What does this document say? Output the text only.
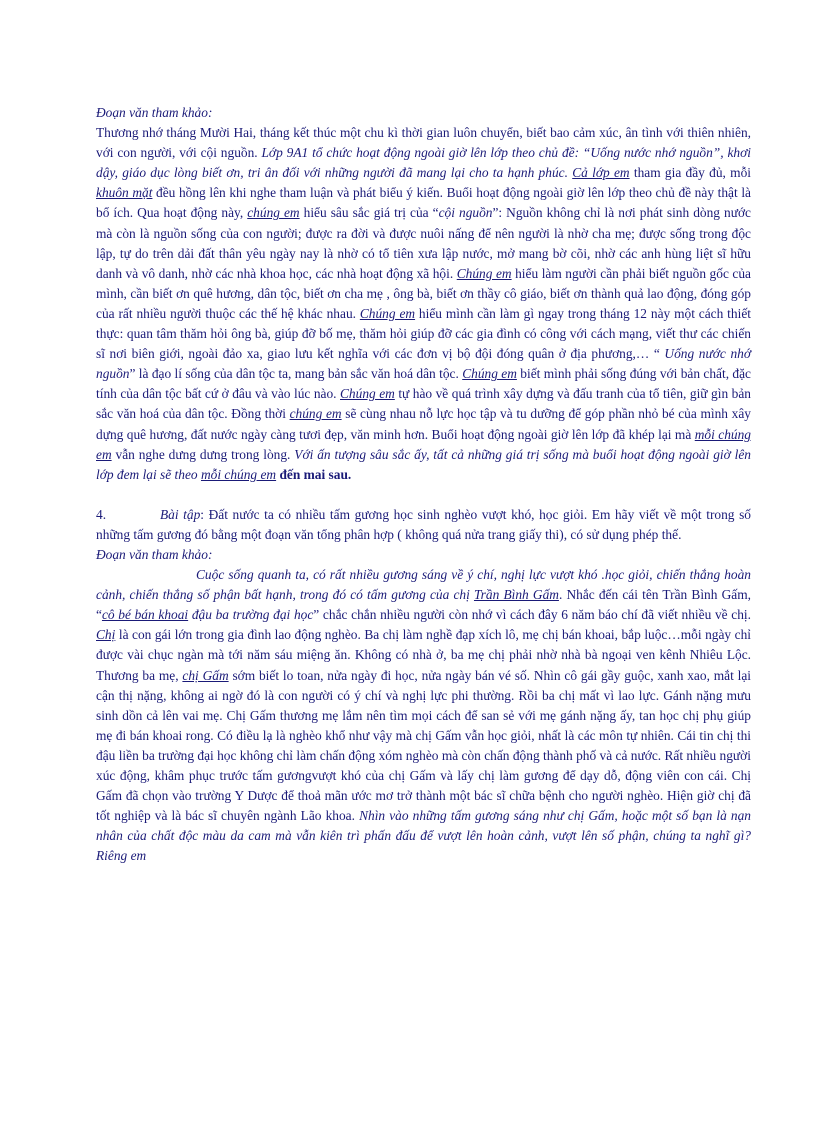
Đoạn văn tham khảo:

Thương nhớ tháng Mười Hai, tháng kết thúc một chu kì thời gian luôn chuyển, biết bao cảm xúc, ân tình với thiên nhiên, với con người, với cội nguồn. Lớp 9A1 tổ chức hoạt động ngoài giờ lên lớp theo chủ đề: “Uống nước nhớ nguồn”, khơi dậy, giáo dục lòng biết ơn, tri ân đối với những người đã mang lại cho ta hạnh phúc. Cả lớp em tham gia đầy đủ, mỗi khuôn mặt đều hồng lên khi nghe tham luận và phát biểu ý kiến. Buổi hoạt động ngoài giờ lên lớp theo chủ đề này thật là bổ ích. Qua hoạt động này, chúng em hiểu sâu sắc giá trị của “cội nguồn”: Nguồn không chỉ là nơi phát sinh dòng nước mà còn là nguồn sống của con người; được ra đời và được nuôi nấng để nên người là nhờ cha mẹ; được sống trong độc lập, tự do trên dải đất thân yêu ngày nay là nhờ có tổ tiên xưa lập nước, mở mang bờ cõi, nhờ các anh hùng liệt sĩ hữu danh và vô danh, nhờ các nhà khoa học, các nhà hoạt động xã hội. Chúng em hiểu làm người cần phải biết nguồn gốc của mình, cần biết ơn quê hương, dân tộc, biết ơn cha mẹ , ông bà, biết ơn thầy cô giáo, biết ơn thành quả lao động, đóng góp của rất nhiều người thuộc các thế hệ khác nhau. Chúng em hiểu mình cần làm gì ngay trong tháng 12 này một cách thiết thực: quan tâm thăm hỏi ông bà, giúp đỡ bố mẹ, thăm hỏi giúp đỡ các gia đình có công với cách mạng, viết thư các chiến sĩ nơi biên giới, ngoài đảo xa, giao lưu kết nghĩa với các đơn vị bộ đội đóng quân ở địa phương,… “ Uống nước nhớ nguồn” là đạo lí sống của dân tộc ta, mang bản sắc văn hoá dân tộc. Chúng em biết mình phải sống đúng với bản chất, đặc tính của dân tộc bất cứ ở đâu và vào lúc nào. Chúng em tự hào về quá trình xây dựng và đấu tranh của tổ tiên, giữ gìn bản sắc văn hoá của dân tộc. Đồng thời chúng em sẽ cùng nhau nỗ lực học tập và tu dưỡng để góp phần nhỏ bé của mình xây dựng quê hương, đất nước ngày càng tươi đẹp, văn minh hơn. Buổi hoạt động ngoài giờ lên lớp đã khép lại mà mỗi chúng em vẫn nghe dưng dưng trong lòng. Với ấn tượng sâu sắc ấy, tất cả những giá trị sống mà buổi hoạt động ngoài giờ lên lớp đem lại sẽ theo mỗi chúng em đến mai sau.

4.	Bài tập: Đất nước ta có nhiều tấm gương học sinh nghèo vượt khó, học giỏi. Em hãy viết về một trong số những tấm gương đó bằng một đoạn văn tổng phân hợp ( không quá nửa trang giấy thi), có sử dụng phép thế.

Đoạn văn tham khảo:

Cuộc sống quanh ta, có rất nhiều gương sáng về ý chí, nghị lực vượt khó .học giỏi, chiến thắng hoàn cảnh, chiến thắng số phận bất hạnh, trong đó có tấm gương của chị Trần Bình Gấm. Nhắc đến cái tên Trần Bình Gấm, “cô bé bán khoai đậu ba trường đại học” chắc chắn nhiều người còn nhớ vì cách đây 6 năm báo chí đã viết nhiều về chị. Chị là con gái lớn trong gia đình lao động nghèo. Ba chị làm nghề đạp xích lô, mẹ chị bán khoai, bắp luộc…mỗi ngày chỉ được vài chục ngàn mà tới năm sáu miệng ăn. Không có nhà ở, ba mẹ chị phải nhờ nhà bà ngoại ven kênh Nhiêu Lộc. Thương ba mẹ, chị Gấm sớm biết lo toan, nửa ngày đi học, nửa ngày bán vé số. Nhìn cô gái gầy guộc, xanh xao, mắt lại cận thị nặng, không ai ngờ đó là con người có ý chí và nghị lực phi thường. Rồi ba chị mất vì lao lực. Gánh nặng mưu sinh dồn cả lên vai mẹ. Chị Gấm thương mẹ lắm nên tìm mọi cách để san sẻ với mẹ gánh nặng ấy, tan học chị phụ giúp mẹ đi bán khoai rong. Có điều lạ là nghèo khổ như vậy mà chị Gấm vẫn học giỏi, nhất là các môn tự nhiên. Cái tin chị thi đậu liền ba trường đại học không chỉ làm chấn động xóm nghèo mà còn chấn động thành phố và cả nước. Rất nhiều người xúc động, khâm phục trước tấm gươngvượt khó của chị Gấm và lấy chị làm gương để dạy dỗ, động viên con cái. Chị Gấm đã chọn vào trường Y Dược để thoả mãn ước mơ trở thành một bác sĩ chữa bệnh cho người nghèo. Hiện giờ chị đã tốt nghiệp và là bác sĩ chuyên ngành Lão khoa. Nhìn vào những tấm gương sáng như chị Gấm, hoặc một số bạn là nạn nhân của chất độc màu da cam mà vẫn kiên trì phấn đấu để vượt lên hoàn cảnh, vượt lên số phận, chúng ta nghĩ gì? Riêng em
